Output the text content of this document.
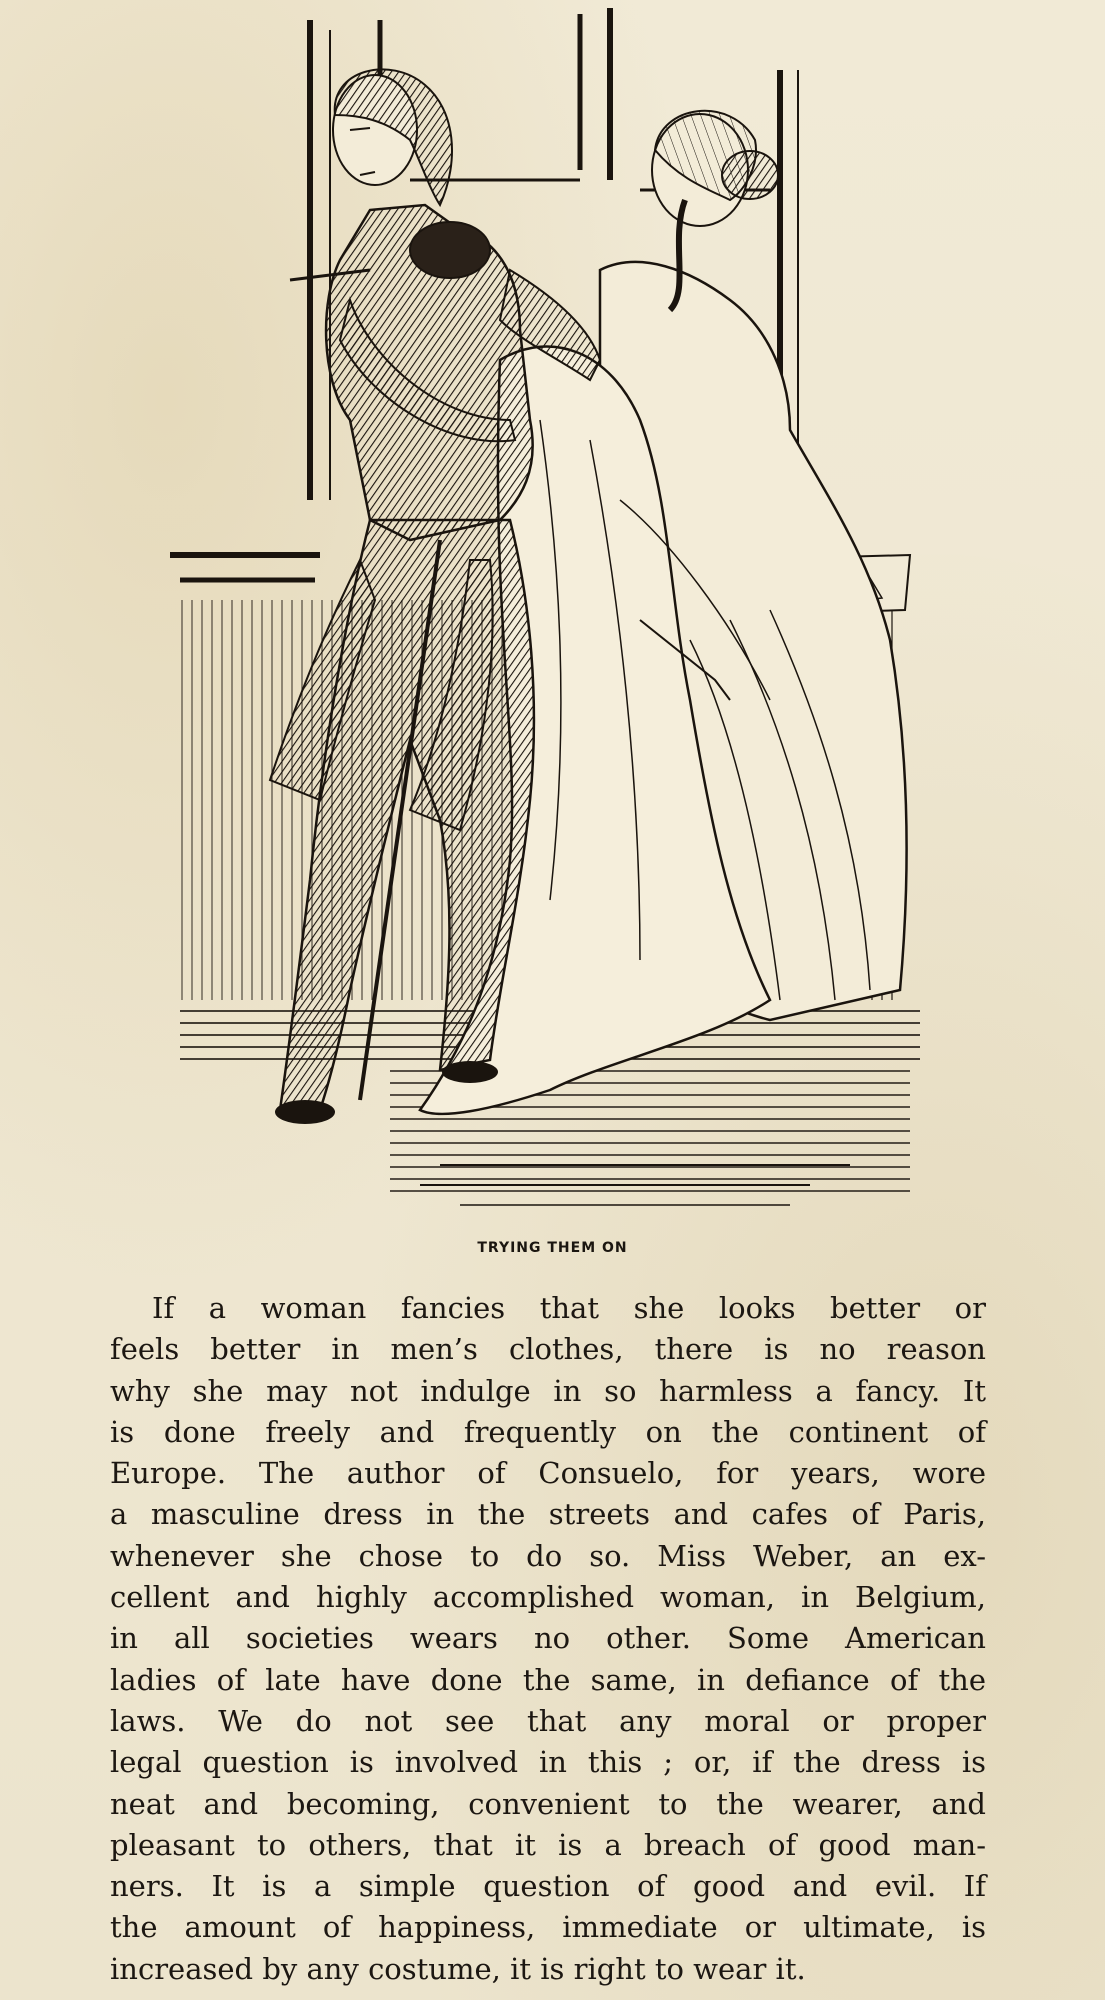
TRYING THEM ON
If a woman fancies that she looks better or
feels better in men’s clothes, there is no reason
why she may not indulge in so harmless a fancy. It
is done freely and frequently on the continent of
Europe. The author of Consuelo, for years, wore
a masculine dress in the streets and cafes of Paris,
whenever she chose to do so. Miss Weber, an ex-
cellent and highly accomplished woman, in Belgium,
in all societies wears no other. Some American
ladies of late have done the same, in defiance of the
laws. We do not see that any moral or proper
legal question is involved in this ; or, if the dress is
neat and becoming, convenient to the wearer, and
pleasant to others, that it is a breach of good man-
ners. It is a simple question of good and evil. If
the amount of happiness, immediate or ultimate, is
increased by any costume, it is right to wear it.
